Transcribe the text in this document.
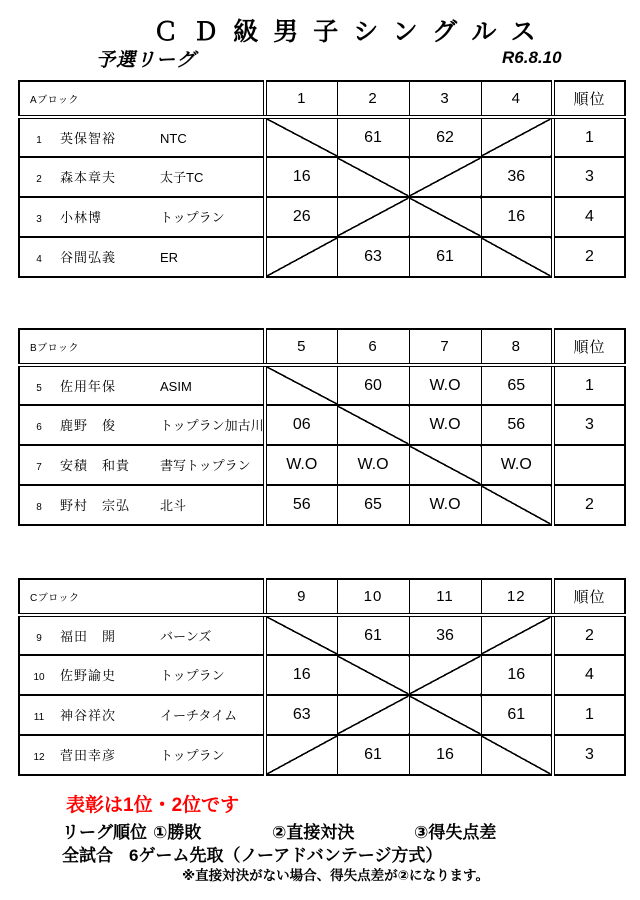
ＣＤ級男子シングルス
予選リーグ	R6.8.10
Aブロック	1	2	3	4	順位
1 英保智裕 NTC		61	62		1
2 森本章夫 太子TC	16			36	3
3 小林博 トップラン	26			16	4
4 谷間弘義 ER		63	61		2
Bブロック	5	6	7	8	順位
5 佐用年保 ASIM		60	W.O	65	1
6 鹿野　俊 トップラン加古川	06		W.O	56	3
7 安積　和貴 書写トップラン	W.O	W.O		W.O	
8 野村　宗弘 北斗	56	65	W.O		2
Cブロック	9	10	11	12	順位
9 福田　開 バーンズ		61	36		2
10 佐野諭史 トップラン	16			16	4
11 神谷祥次 イーチタイム	63			61	1
12 菅田幸彦 トップラン		61	16		3
表彰は1位・2位です
リーグ順位 ①勝敗	②直接対決	③得失点差
全試合 6ゲーム先取（ノーアドバンテージ方式）
※直接対決がない場合、得失点差が②になります。
